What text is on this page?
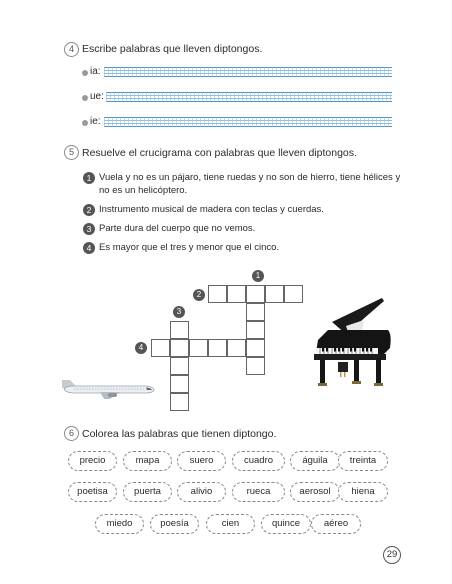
4 Escribe palabras que lleven diptongos.
ia:
ue:
ie:
5 Resuelve el crucigrama con palabras que lleven diptongos.
1 Vuela y no es un pájaro, tiene ruedas y no son de hierro, tiene hélices y
no es un helicóptero.
2 Instrumento musical de madera con teclas y cuerdas.
3 Parte dura del cuerpo que no vemos.
4 Es mayor que el tres y menor que el cinco.
1
2
3
4
6 Colorea las palabras que tienen diptongo.
precio	mapa	suero	cuadro	águila	treinta
poetisa	puerta	alivio	rueca	aerosol	hiena
miedo	poesía	cien	quince	aéreo
29
